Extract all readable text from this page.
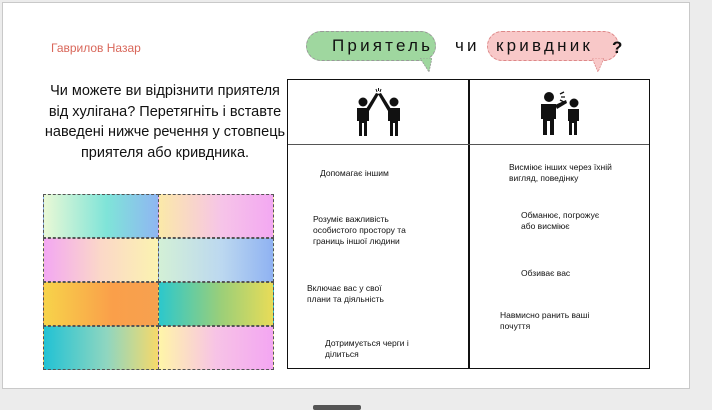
Гаврилов Назар
Чи можете ви відрізнити приятеля від хулігана? Перетягніть і вставте наведені нижче речення у стовпець приятеля або кривдника.
Приятель чи кривдник ?
Допомагає іншим
Розуміє важливість особистого простору та границь іншої людини
Включає вас у свої плани та діяльність
Дотримується черги і ділиться
Висміює інших через їхній вигляд, поведінку
Обманює, погрожує або висміює
Обзиває вас
Навмисно ранить ваші почуття
